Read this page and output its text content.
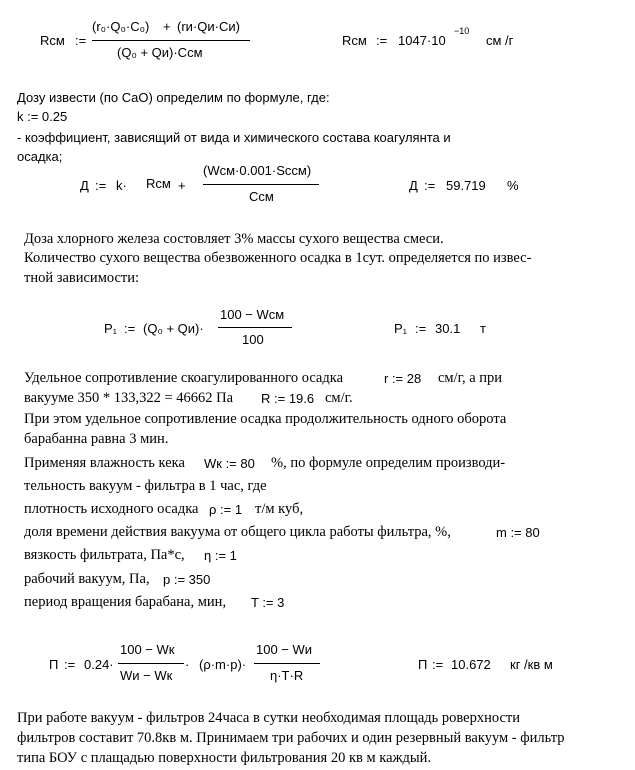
Rсм :=
(r₀·Q₀·C₀) + (rи·Qи·Cи)
(Q₀ + Qи)·Cсм
Rсм := 1047·10
−10
см /г
Дозу извести (по CaO) определим по формуле, где:
k := 0.25
- коэффициент, зависящий от вида и химического состава коагулянта и
осадка;
Д := k· Rсм +
(Wсм·0.001·Scсм)
Cсм
Д := 59.719 %
Доза хлорного железа состовляет 3% массы сухого вещества смеси.
Количество сухого вещества обезвоженного осадка в 1сут. определяется по извес-
тной зависимости:
P₁ := (Q₀ + Qи)·
100 − Wсм
100
P₁ := 30.1 т
Удельное сопротивление скоагулированного осадка	r := 28 см/г, а при
вакууме 350 * 133,322 = 46662 Па R := 19.6 см/г.
При этом удельное сопротивление осадка продолжительность одного оборота
барабанна равна 3 мин.
Применяя влажность кека Wк := 80 %, по формуле определим производи-
тельность вакуум - фильтра в 1 час, где
плотность исходного осадка ρ := 1 т/м куб,
доля времени действия вакуума от общего цикла работы фильтра, %,	m := 80
вязкость фильтрата, Па*с, η := 1
рабочий вакуум, Па, p := 350
период вращения барабана, мин, T := 3
П := 0.24·
100 − Wк
Wи − Wк
· (ρ·m·p)·
100 − Wи
η·T·R
П := 10.672 кг /кв м
При работе вакуум - фильтров 24часа в сутки необходимая площадь роверхности
фильтров составит 70.8кв м. Принимаем три рабочих и один резервный вакуум - фильтр
типа БОУ с плащадью поверхности фильтрования 20 кв м каждый.
